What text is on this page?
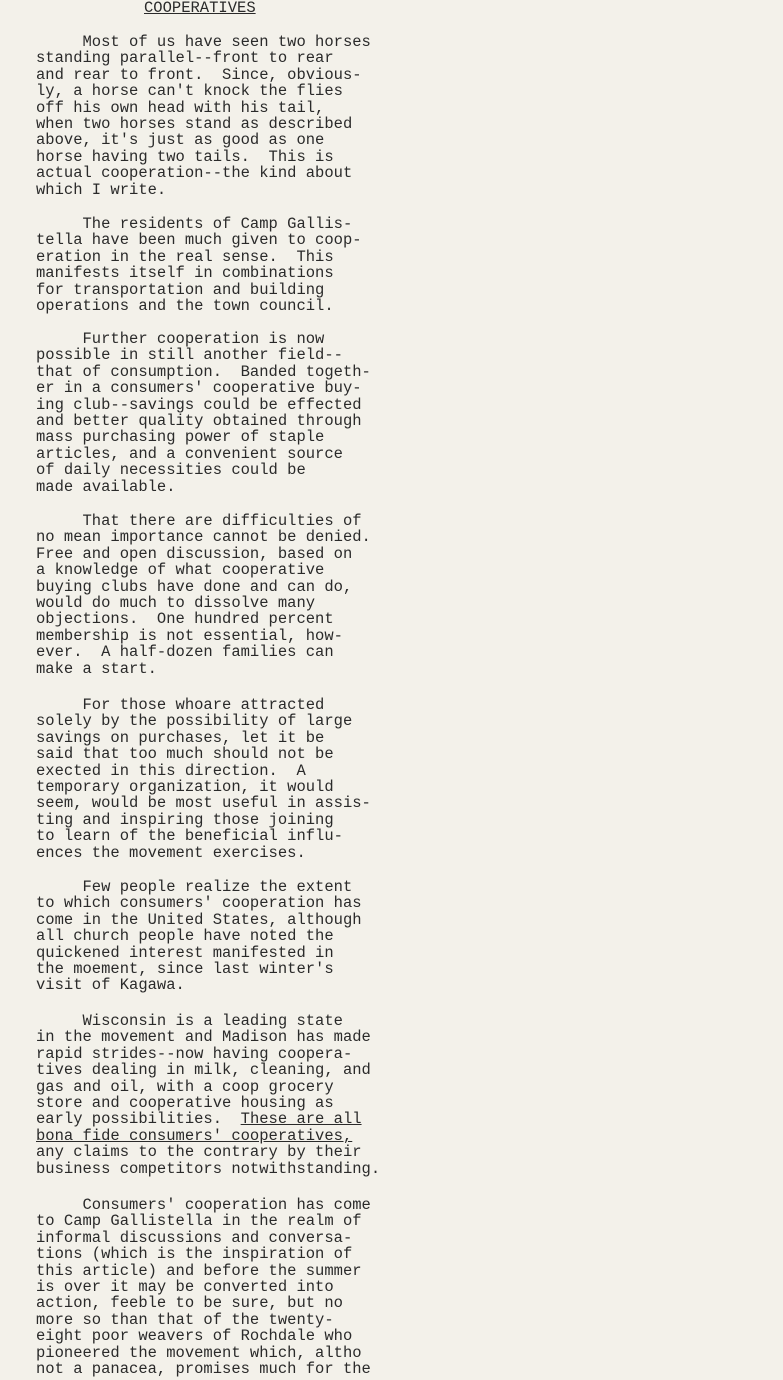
COOPERATIVES

Most of us have seen two horses

standing parallel--front to rear

and rear to front.  Since, obvious-

ly, a horse can't knock the flies

off his own head with his tail,

when two horses stand as described

above, it's just as good as one

horse having two tails.  This is

actual cooperation--the kind about

which I write.

The residents of Camp Gallis-

tella have been much given to coop-

eration in the real sense.  This

manifests itself in combinations

for transportation and building

operations and the town council.

Further cooperation is now

possible in still another field--

that of consumption.  Banded togeth-

er in a consumers' cooperative buy-

ing club--savings could be effected

and better quality obtained through

mass purchasing power of staple

articles, and a convenient source

of daily necessities could be

made available.

That there are difficulties of

no mean importance cannot be denied.

Free and open discussion, based on

a knowledge of what cooperative

buying clubs have done and can do,

would do much to dissolve many

objections.  One hundred percent

membership is not essential, how-

ever.  A half-dozen families can

make a start.

For those whoare attracted

solely by the possibility of large

savings on purchases, let it be

said that too much should not be

exected in this direction.  A

temporary organization, it would

seem, would be most useful in assis-

ting and inspiring those joining

to learn of the beneficial influ-

ences the movement exercises.

Few people realize the extent

to which consumers' cooperation has

come in the United States, although

all church people have noted the

quickened interest manifested in

the moement, since last winter's

visit of Kagawa.

Wisconsin is a leading state

in the movement and Madison has made

rapid strides--now having coopera-

tives dealing in milk, cleaning, and

gas and oil, with a coop grocery

store and cooperative housing as

early possibilities.  These are all

bona fide consumers' cooperatives,

any claims to the contrary by their

business competitors notwithstanding.

Consumers' cooperation has come

to Camp Gallistella in the realm of

informal discussions and conversa-

tions (which is the inspiration of

this article) and before the summer

is over it may be converted into

action, feeble to be sure, but no

more so than that of the twenty-

eight poor weavers of Rochdale who

pioneered the movement which, altho

not a panacea, promises much for the
